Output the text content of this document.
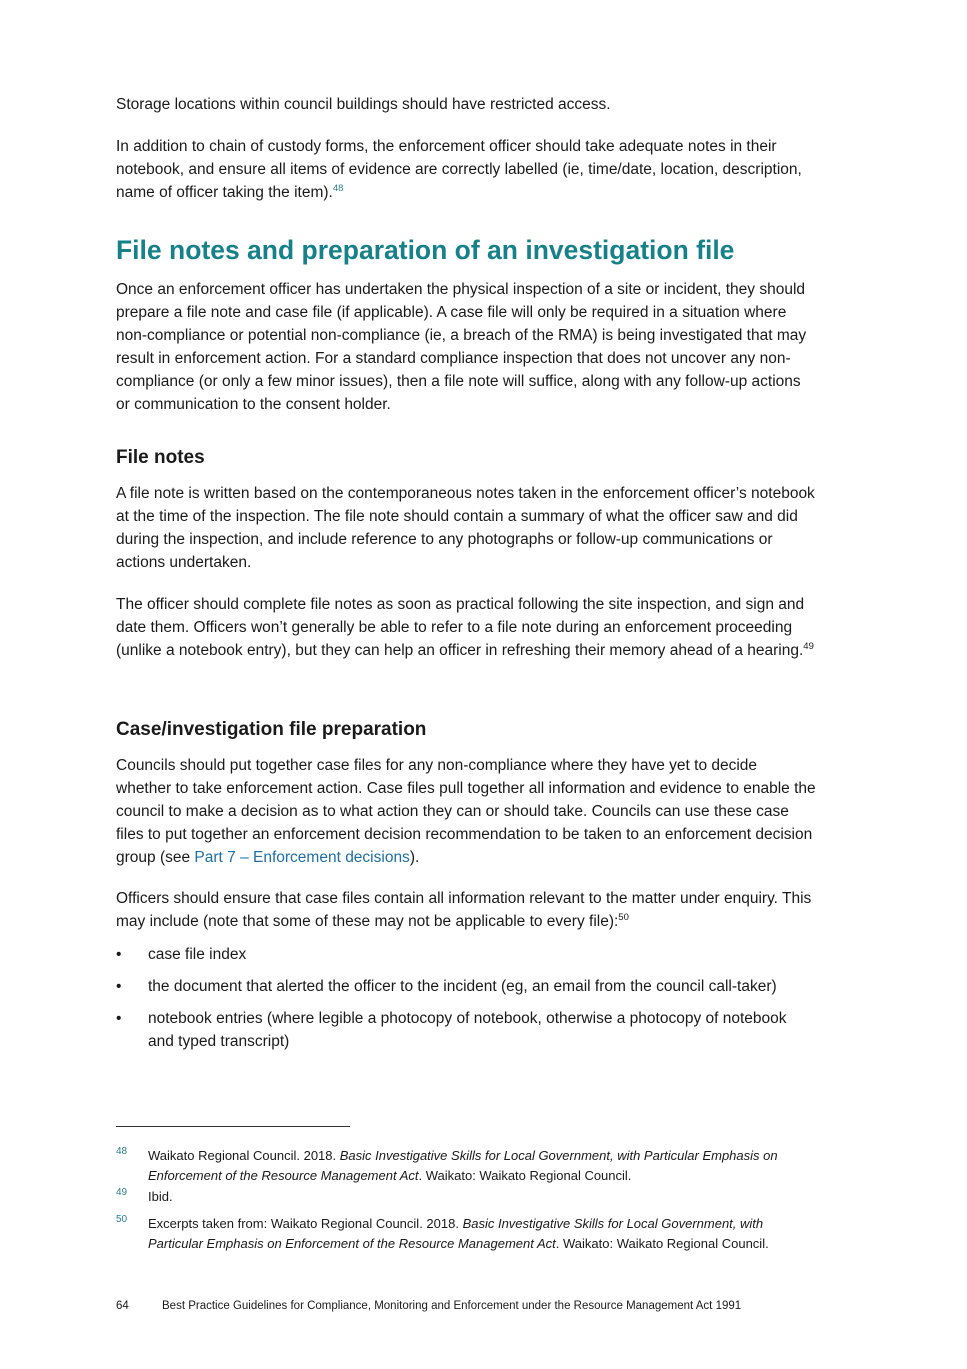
Storage locations within council buildings should have restricted access.

In addition to chain of custody forms, the enforcement officer should take adequate notes in their notebook, and ensure all items of evidence are correctly labelled (ie, time/date, location, description, name of officer taking the item).$^{48}$

File notes and preparation of an investigation file

Once an enforcement officer has undertaken the physical inspection of a site or incident, they should prepare a file note and case file (if applicable). A case file will only be required in a situation where non-compliance or potential non-compliance (ie, a breach of the RMA) is being investigated that may result in enforcement action. For a standard compliance inspection that does not uncover any non-compliance (or only a few minor issues), then a file note will suffice, along with any follow-up actions or communication to the consent holder.

File notes

A file note is written based on the contemporaneous notes taken in the enforcement officer’s notebook at the time of the inspection. The file note should contain a summary of what the officer saw and did during the inspection, and include reference to any photographs or follow-up communications or actions undertaken.

The officer should complete file notes as soon as practical following the site inspection, and sign and date them. Officers won’t generally be able to refer to a file note during an enforcement proceeding (unlike a notebook entry), but they can help an officer in refreshing their memory ahead of a hearing.$^{49}$

Case/investigation file preparation

Councils should put together case files for any non-compliance where they have yet to decide whether to take enforcement action. Case files pull together all information and evidence to enable the council to make a decision as to what action they can or should take. Councils can use these case files to put together an enforcement decision recommendation to be taken to an enforcement decision group (see Part 7 – Enforcement decisions).

Officers should ensure that case files contain all information relevant to the matter under enquiry. This may include (note that some of these may not be applicable to every file):$^{50}$

• case file index
• the document that alerted the officer to the incident (eg, an email from the council call-taker)
• notebook entries (where legible a photocopy of notebook, otherwise a photocopy of notebook and typed transcript)
48 Waikato Regional Council. 2018. Basic Investigative Skills for Local Government, with Particular Emphasis on Enforcement of the Resource Management Act. Waikato: Waikato Regional Council.
49 Ibid.
50 Excerpts taken from: Waikato Regional Council. 2018. Basic Investigative Skills for Local Government, with Particular Emphasis on Enforcement of the Resource Management Act. Waikato: Waikato Regional Council.
64	Best Practice Guidelines for Compliance, Monitoring and Enforcement under the Resource Management Act 1991
